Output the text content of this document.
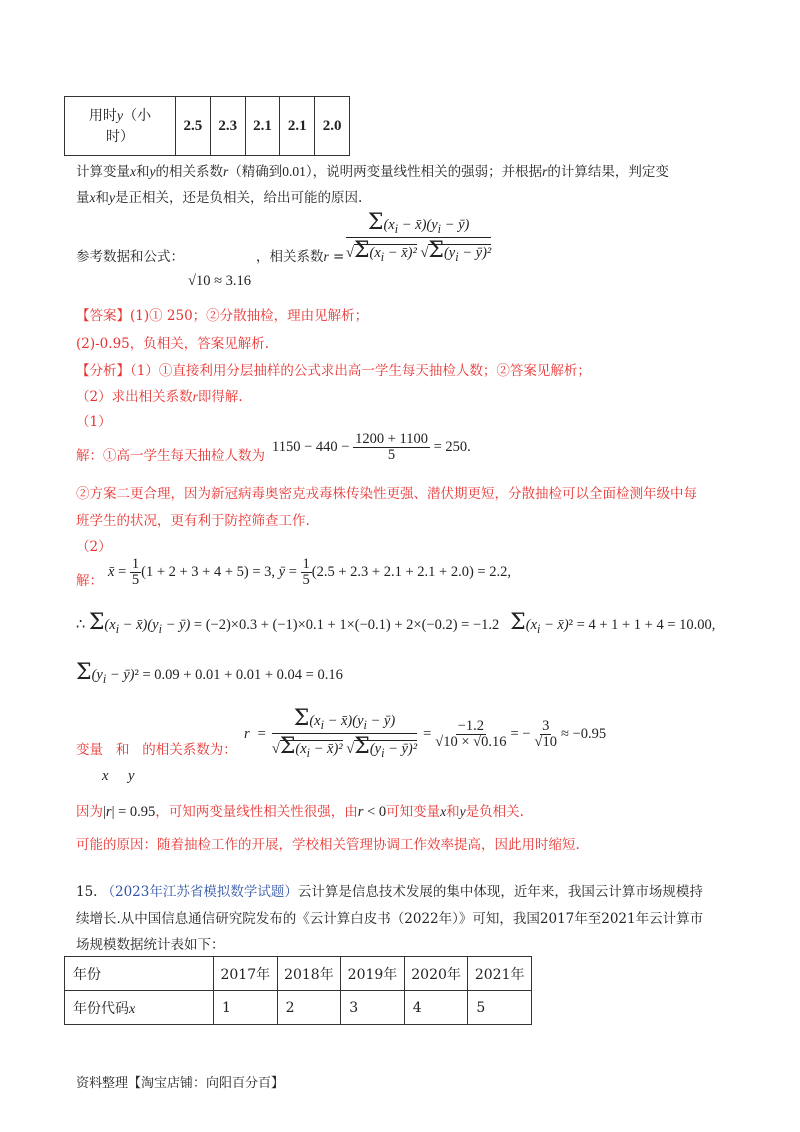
用时y（小
时）	2.5	2.3	2.1	2.1	2.0
计算变量x和y的相关系数r（精确到0.01），说明两变量线性相关的强弱；并根据r的计算结果，判定变
量x和y是正相关，还是负相关，给出可能的原因.
参考数据和公式：
√10 ≈ 3.16
，相关系数r =
$\Sigma(x_i$ − $x̄)(y_i$ − ȳ)
$√\Sigma(x_i$ − x̄)² $√\Sigma(y_i$ − ȳ)²
【答案】(1)① 250；②分散抽检，理由见解析；
(2)-0.95，负相关，答案见解析.
【分析】（1）①直接利用分层抽样的公式求出高一学生每天抽检人数；②答案见解析；
（2）求出相关系数r即得解.
（1）
解：①高一学生每天抽检人数为
$1150 - 440 - \frac{1200 + 1100}{5} = 250$.
②方案二更合理，因为新冠病毒奥密克戎毒株传染性更强、潜伏期更短，分散抽检可以全面检测年级中每
班学生的状况，更有利于防控筛查工作.
（2）
解：
x̄ = $\frac{1}{5} (1 + 2 + 3 + 4 + 5) = 3$, ȳ = $\frac{1}{5} (2.5 + 2.3 + 2.1 + 2.1 + 2.0) = 2.2$,
∴ $\Sigma(x_i$ − $x̄)(y_i$ − ȳ) = (−2)×0.3 + (−1)×0.1 + 1×(−0.1) + 2×(−0.2) = −1.2   $\Sigma(x_i$ − x̄)² = 4 + 1 + 1 + 4 = 10.00,
$\Sigma(y_i$ − ȳ)² = 0.09 + 0.01 + 0.01 + 0.04 = 0.16
变量   和   的相关系数为：
x y
r =
$\Sigma(x_i$ − $x̄)(y_i$ − ȳ)
$√\Sigma(x_i$ − x̄)² $√\Sigma(y_i$ − ȳ)²
= $\frac{-1.2}{√10 \times √0.16}$ = − $\frac{3}{√10} \approx -0.95$
因为|r| = 0.95，可知两变量线性相关性很强，由r < 0可知变量x和y是负相关.
可能的原因：随着抽检工作的开展，学校相关管理协调工作效率提高，因此用时缩短.
15. （2023年江苏省模拟数学试题）云计算是信息技术发展的集中体现，近年来，我国云计算市场规模持
续增长.从中国信息通信研究院发布的《云计算白皮书（2022年）》可知，我国2017年至2021年云计算市
场规模数据统计表如下：
年份	2017年	2018年	2019年	2020年	2021年
年份代码x	1	2	3	4	5
资料整理【淘宝店铺：向阳百分百】
